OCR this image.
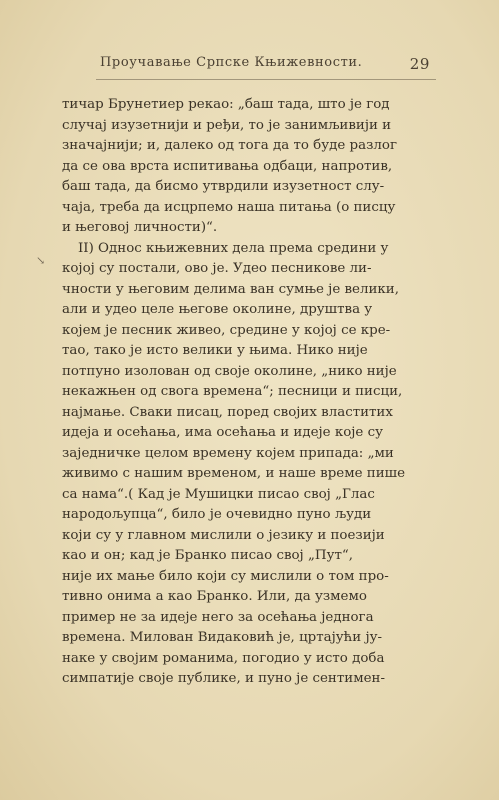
Проучавање Српске Књижевности.	29
↘
тичар Брунетиер рекао: „баш тада, што је год
случај изузетнији и ређи, то је занимљивији и
значајнији; и, далеко од тога да то буде разлог
да се ова врста испитивања одбаци, напротив,
баш тада, да бисмо утврдили изузетност слу-
чаја, треба да исцрпемо наша питања (о писцу
и његовој личности)“.
II) Однос књижевних дела према средини у
којој су постали, ово је. Удео песникове ли-
чности у његовим делима ван сумње је велики,
али и удео целе његове околине, друштва у
којем је песник живео, средине у којој се кре-
тао, тако је исто велики у њима. Нико није
потпуно изолован од своје околине, „нико није
некажњен од свога времена“; песници и писци,
најмање. Сваки писац, поред својих властитих
идеја и осећања, има осећања и идеје које су
заједничке целом времену којем припада: „ми
живимо с нашим временом, и наше време пише
са нама“.( Кад је Мушицки писао свој „Глас
народољупца“, било је очевидно пуно људи
који су у главном мислили о језику и поезији
као и он; кад је Бранко писао свој „Пут“,
није их мање било који су мислили о том про-
тивно онима а као Бранко. Или, да узмемо
пример не за идеје него за осећања једнога
времена. Милован Видаковић је, цртајући ју-
наке у својим романима, погодио у исто доба
симпатије своје публике, и пуно је сентимен-
